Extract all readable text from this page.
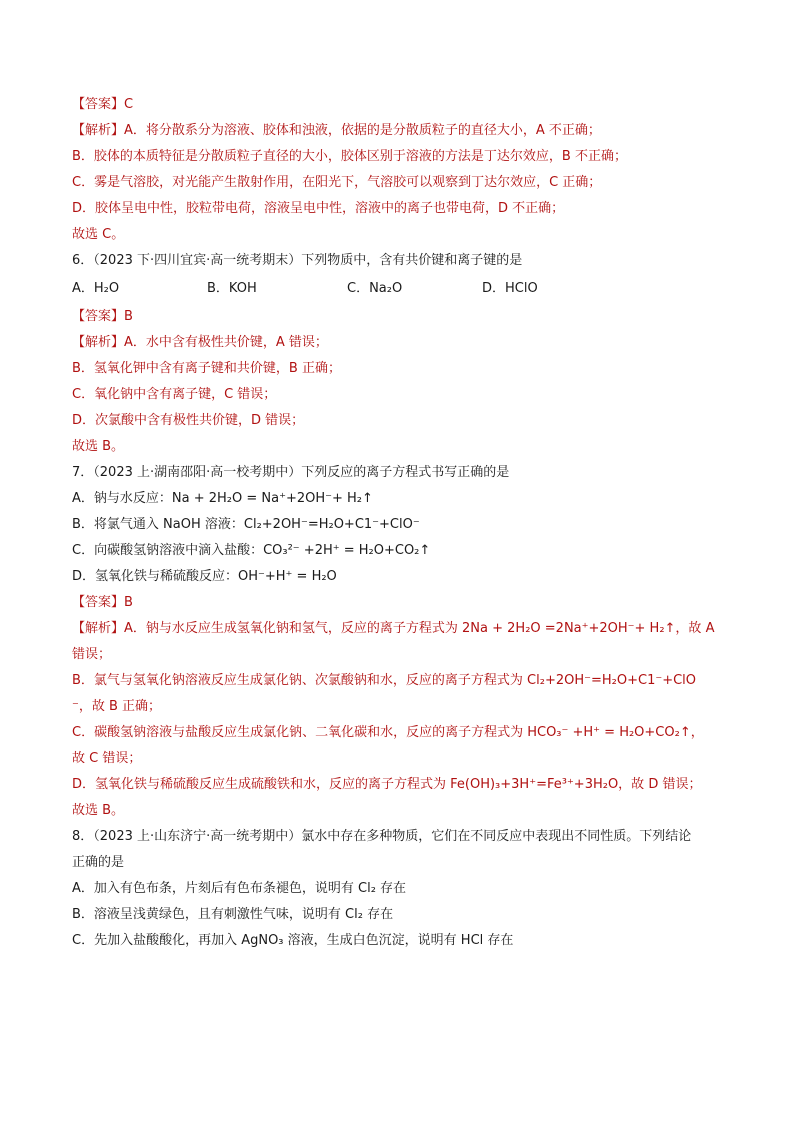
【答案】C
【解析】A．将分散系分为溶液、胶体和浊液，依据的是分散质粒子的直径大小，A 不正确；
B．胶体的本质特征是分散质粒子直径的大小，胶体区别于溶液的方法是丁达尔效应，B 不正确；
C．雾是气溶胶，对光能产生散射作用，在阳光下，气溶胶可以观察到丁达尔效应，C 正确；
D．胶体呈电中性，胶粒带电荷，溶液呈电中性，溶液中的离子也带电荷，D 不正确；
故选 C。
6．（2023 下·四川宜宾·高一统考期末）下列物质中，含有共价键和离子键的是
A．H₂O	B．KOH	C．Na₂O	D．HClO
【答案】B
【解析】A．水中含有极性共价键，A 错误；
B．氢氧化钾中含有离子键和共价键，B 正确；
C．氧化钠中含有离子键，C 错误；
D．次氯酸中含有极性共价键，D 错误；
故选 B。
7．（2023 上·湖南邵阳·高一校考期中）下列反应的离子方程式书写正确的是
A．钠与水反应：Na + 2H₂O = Na⁺+2OH⁻+ H₂↑
B．将氯气通入 NaOH 溶液：Cl₂+2OH⁻=H₂O+C1⁻+ClO⁻
C．向碳酸氢钠溶液中滴入盐酸：CO₃²⁻ +2H⁺ = H₂O+CO₂↑
D．氢氧化铁与稀硫酸反应：OH⁻+H⁺ = H₂O
【答案】B
【解析】A．钠与水反应生成氢氧化钠和氢气，反应的离子方程式为 2Na + 2H₂O =2Na⁺+2OH⁻+ H₂↑，故 A
错误；
B．氯气与氢氧化钠溶液反应生成氯化钠、次氯酸钠和水，反应的离子方程式为 Cl₂+2OH⁻=H₂O+C1⁻+ClO
⁻，故 B 正确；
C．碳酸氢钠溶液与盐酸反应生成氯化钠、二氧化碳和水，反应的离子方程式为 HCO₃⁻ +H⁺ = H₂O+CO₂↑，
故 C 错误；
D．氢氧化铁与稀硫酸反应生成硫酸铁和水，反应的离子方程式为 Fe(OH)₃+3H⁺=Fe³⁺+3H₂O，故 D 错误；
故选 B。
8．（2023 上·山东济宁·高一统考期中）氯水中存在多种物质，它们在不同反应中表现出不同性质。下列结论
正确的是
A．加入有色布条，片刻后有色布条褪色，说明有 Cl₂ 存在
B．溶液呈浅黄绿色，且有刺激性气味，说明有 Cl₂ 存在
C．先加入盐酸酸化，再加入 AgNO₃ 溶液，生成白色沉淀，说明有 HCl 存在
